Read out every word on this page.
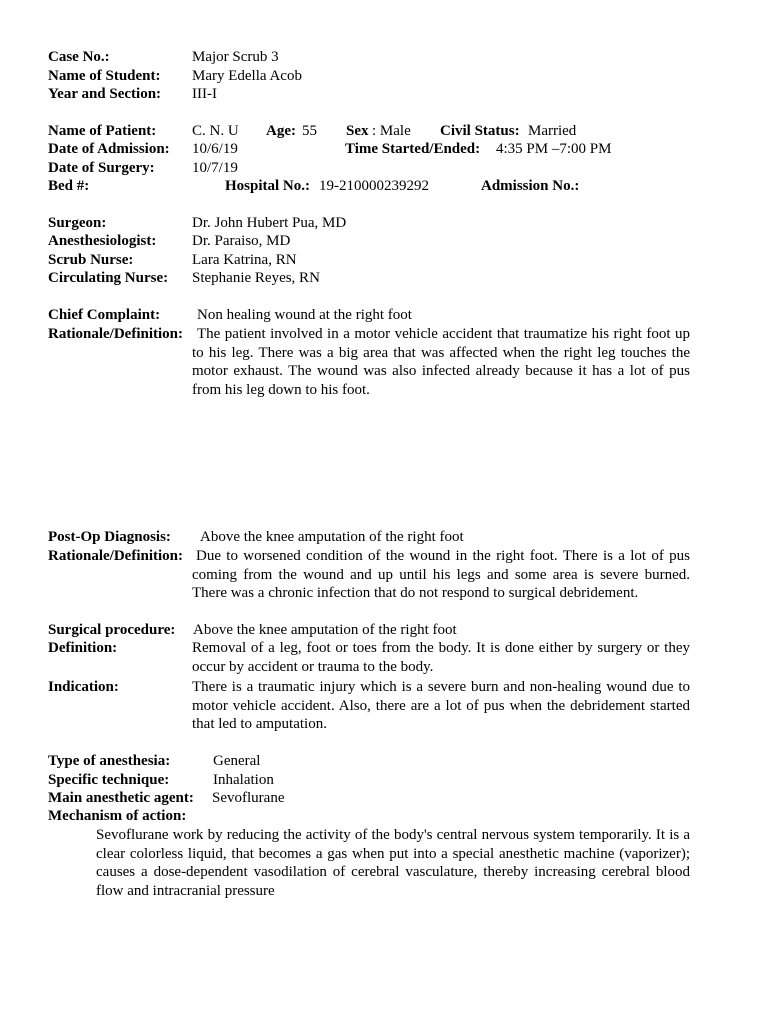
Case No.:	Major Scrub 3
Name of Student: Mary Edella Acob
Year and Section: III-I
Name of Patient: C. N. U Age: 55 Sex : Male Civil Status: Married
Date of Admission: 10/6/19	Time Started/Ended: 4:35 PM –7:00 PM
Date of Surgery: 10/7/19
Bed #:	Hospital No.: 19-210000239292	Admission No.:
Surgeon:	Dr. John Hubert Pua, MD
Anesthesiologist: Dr. Paraiso, MD
Scrub Nurse:	Lara Katrina, RN
Circulating Nurse: Stephanie Reyes, RN
Chief Complaint: Non healing wound at the right foot
Rationale/Definition: The patient involved in a motor vehicle accident that traumatize his right foot up to his leg. There was a big area that was affected when the right leg touches the motor exhaust. The wound was also infected already because it has a lot of pus from his leg down to his foot.
Post-Op Diagnosis: Above the knee amputation of the right foot
Rationale/Definition: Due to worsened condition of the wound in the right foot. There is a lot of pus coming from the wound and up until his legs and some area is severe burned. There was a chronic infection that do not respond to surgical debridement.
Surgical procedure: Above the knee amputation of the right foot
Definition:	Removal of a leg, foot or toes from the body. It is done either by surgery or they occur by accident or trauma to the body.
Indication:	There is a traumatic injury which is a severe burn and non-healing wound due to motor vehicle accident. Also, there are a lot of pus when the debridement started that led to amputation.
Type of anesthesia:	General
Specific technique:	Inhalation
Main anesthetic agent: Sevoflurane
Mechanism of action:
Sevoflurane work by reducing the activity of the body's central nervous system temporarily. It is a clear colorless liquid, that becomes a gas when put into a special anesthetic machine (vaporizer); causes a dose-dependent vasodilation of cerebral vasculature, thereby increasing cerebral blood flow and intracranial pressure
